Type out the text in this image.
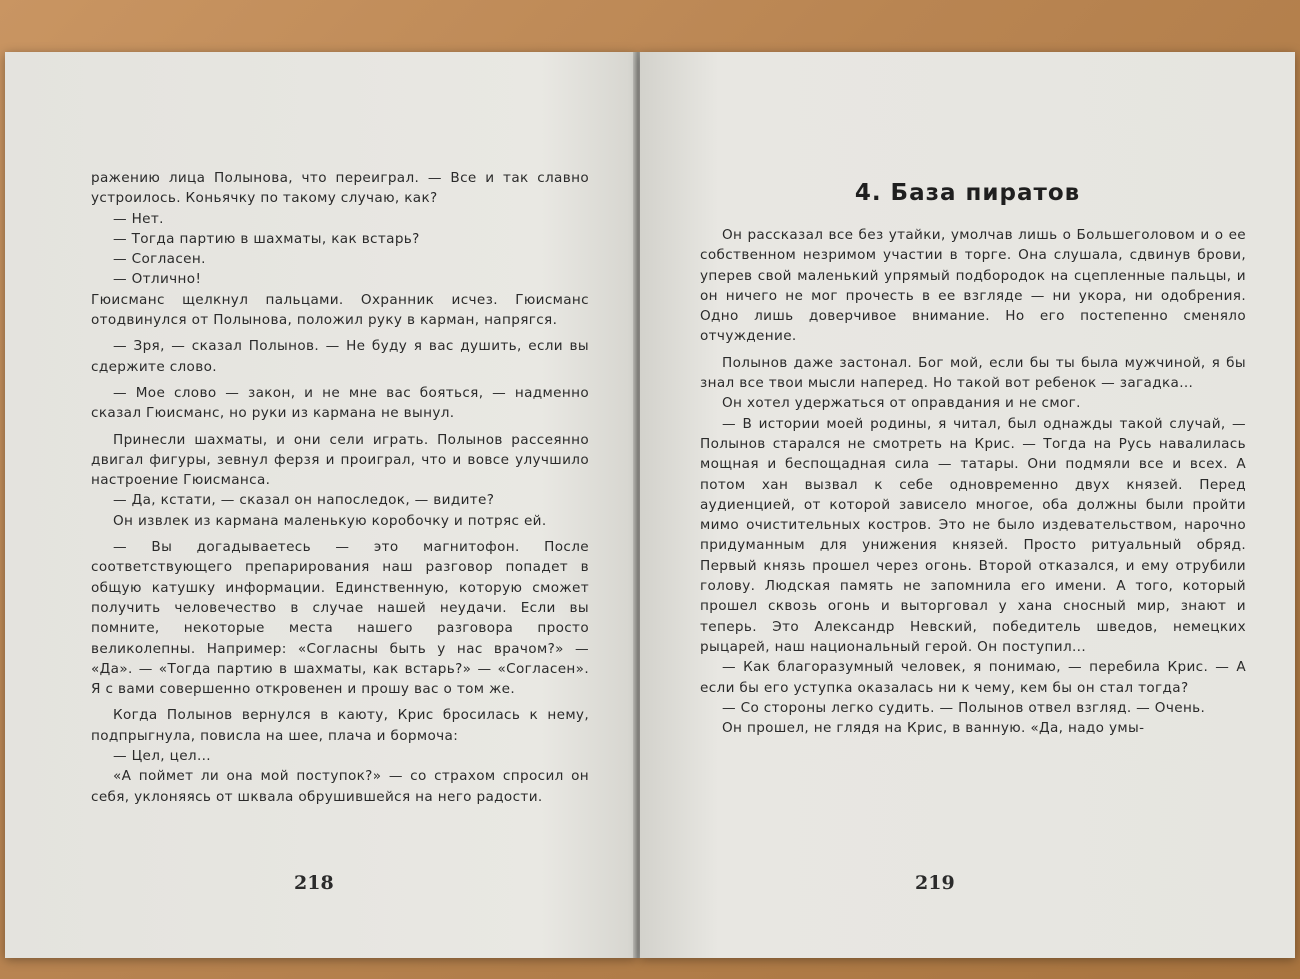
ражению лица Полынова, что переиграл. — Все и так славно устроилось. Коньячку по такому случаю, как?

— Нет.

— Тогда партию в шахматы, как встарь?

— Согласен.

— Отлично!

Гюисманс щелкнул пальцами. Охранник исчез. Гюисманс отодвинулся от Полынова, положил руку в карман, напрягся.

— Зря, — сказал Полынов. — Не буду я вас душить, если вы сдержите слово.

— Мое слово — закон, и не мне вас бояться, — надменно сказал Гюисманс, но руки из кармана не вынул.

Принесли шахматы, и они сели играть. Полынов рассеянно двигал фигуры, зевнул ферзя и проиграл, что и вовсе улучшило настроение Гюисманса.

— Да, кстати, — сказал он напоследок, — видите?

Он извлек из кармана маленькую коробочку и потряс ей.

— Вы догадываетесь — это магнитофон. После соответствующего препарирования наш разговор попадет в общую катушку информации. Единственную, которую сможет получить человечество в случае нашей неудачи. Если вы помните, некоторые места нашего разговора просто великолепны. Например: «Согласны быть у нас врачом?» — «Да». — «Тогда партию в шахматы, как встарь?» — «Согласен». Я с вами совершенно откровенен и прошу вас о том же.

Когда Полынов вернулся в каюту, Крис бросилась к нему, подпрыгнула, повисла на шее, плача и бормоча:

— Цел, цел...

«А поймет ли она мой поступок?» — со страхом спросил он себя, уклоняясь от шквала обрушившейся на него радости.

218
4. База пиратов

Он рассказал все без утайки, умолчав лишь о Большеголовом и о ее собственном незримом участии в торге. Она слушала, сдвинув брови, уперев свой маленький упрямый подбородок на сцепленные пальцы, и он ничего не мог прочесть в ее взгляде — ни укора, ни одобрения. Одно лишь доверчивое внимание. Но его постепенно сменяло отчуждение.

Полынов даже застонал. Бог мой, если бы ты была мужчиной, я бы знал все твои мысли наперед. Но такой вот ребенок — загадка...

Он хотел удержаться от оправдания и не смог.

— В истории моей родины, я читал, был однажды такой случай, — Полынов старался не смотреть на Крис. — Тогда на Русь навалилась мощная и беспощадная сила — татары. Они подмяли все и всех. А потом хан вызвал к себе одновременно двух князей. Перед аудиенцией, от которой зависело многое, оба должны были пройти мимо очистительных костров. Это не было издевательством, нарочно придуманным для унижения князей. Просто ритуальный обряд. Первый князь прошел через огонь. Второй отказался, и ему отрубили голову. Людская память не запомнила его имени. А того, который прошел сквозь огонь и выторговал у хана сносный мир, знают и теперь. Это Александр Невский, победитель шведов, немецких рыцарей, наш национальный герой. Он поступил...

— Как благоразумный человек, я понимаю, — перебила Крис. — А если бы его уступка оказалась ни к чему, кем бы он стал тогда?

— Со стороны легко судить. — Полынов отвел взгляд. — Очень.

Он прошел, не глядя на Крис, в ванную. «Да, надо умы-

219
